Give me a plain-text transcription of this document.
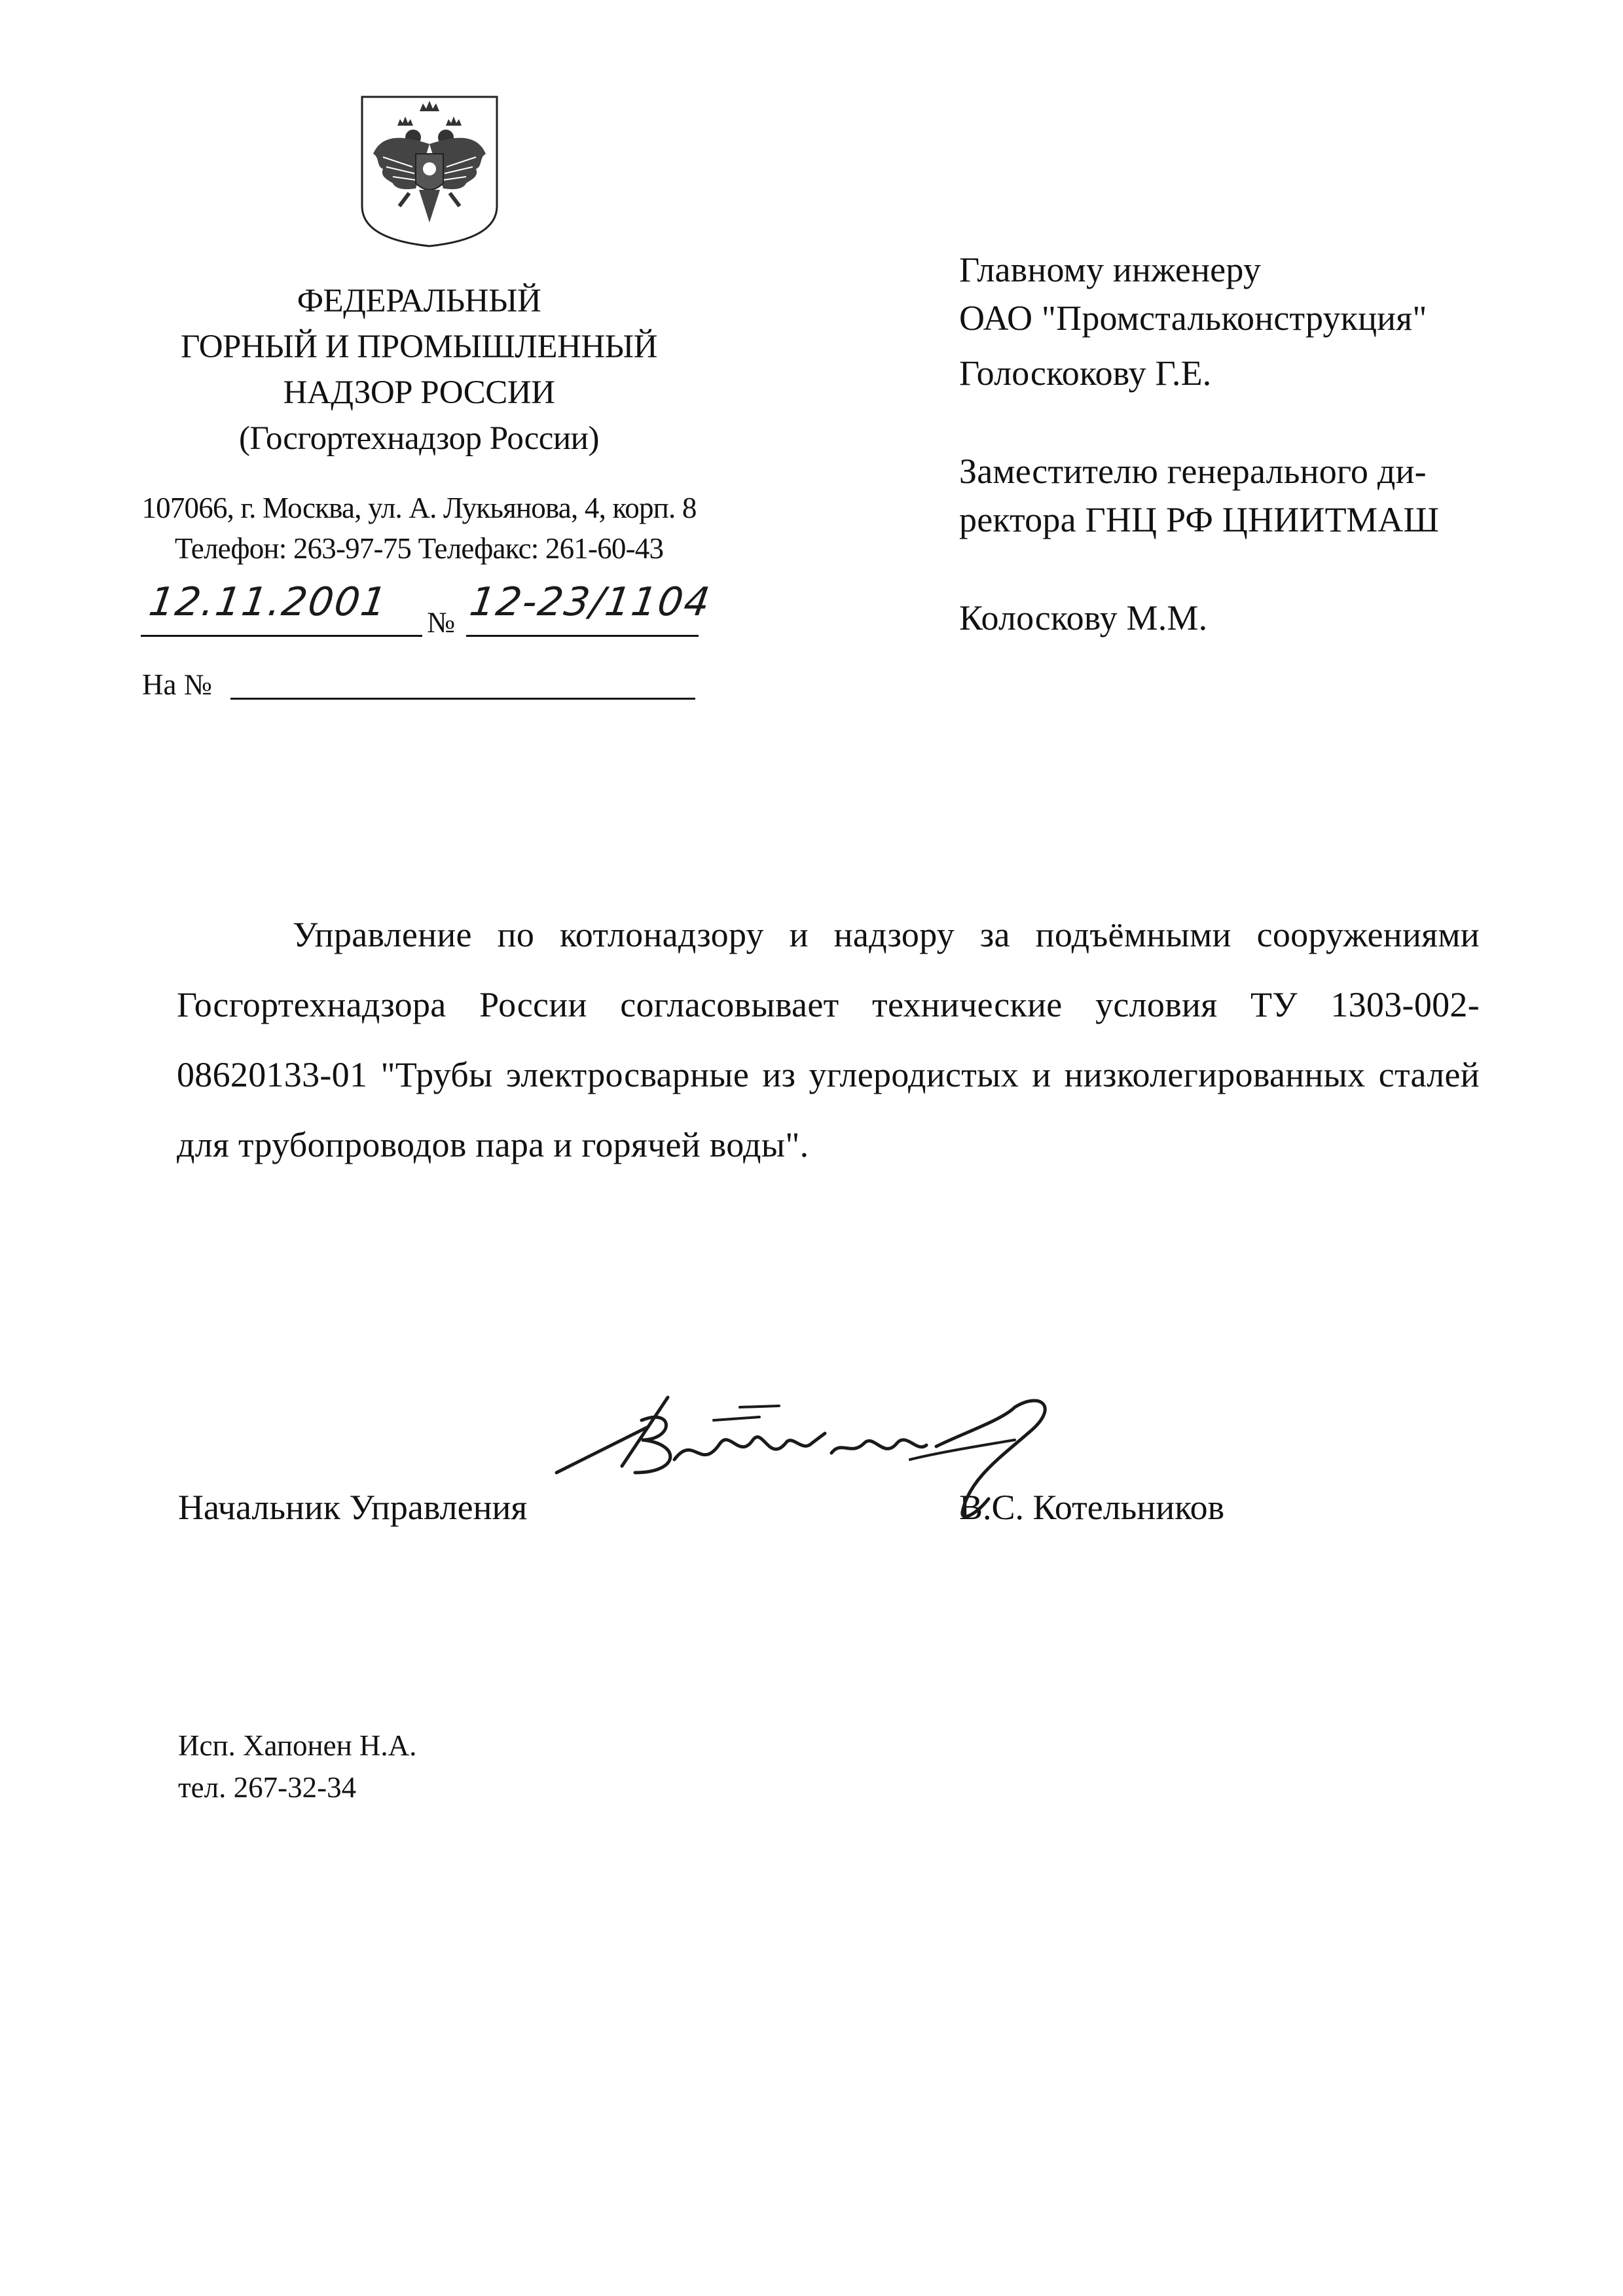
ФЕДЕРАЛЬНЫЙ
ГОРНЫЙ И ПРОМЫШЛЕННЫЙ
НАДЗОР РОССИИ
(Госгортехнадзор России)
107066, г. Москва, ул. А. Лукьянова, 4, корп. 8
Телефон: 263-97-75 Телефакс: 261-60-43
12.11.2001 № 12-23/1104
На №
Главному инженеру
ОАО "Промстальконструкция"
Голоскокову Г.Е.
Заместителю генерального ди-
ректора ГНЦ РФ ЦНИИТМАШ
Колоскову М.М.
Управление по котлонадзору и надзору за подъёмными сооружениями Госгортехнадзора России согласовывает технические условия ТУ 1303-002-08620133-01 "Трубы электросварные из углеродистых и низколегированных сталей для трубопроводов пара и горячей воды".
Начальник Управления	В.С. Котельников
Исп. Хапонен Н.А.
тел. 267-32-34
